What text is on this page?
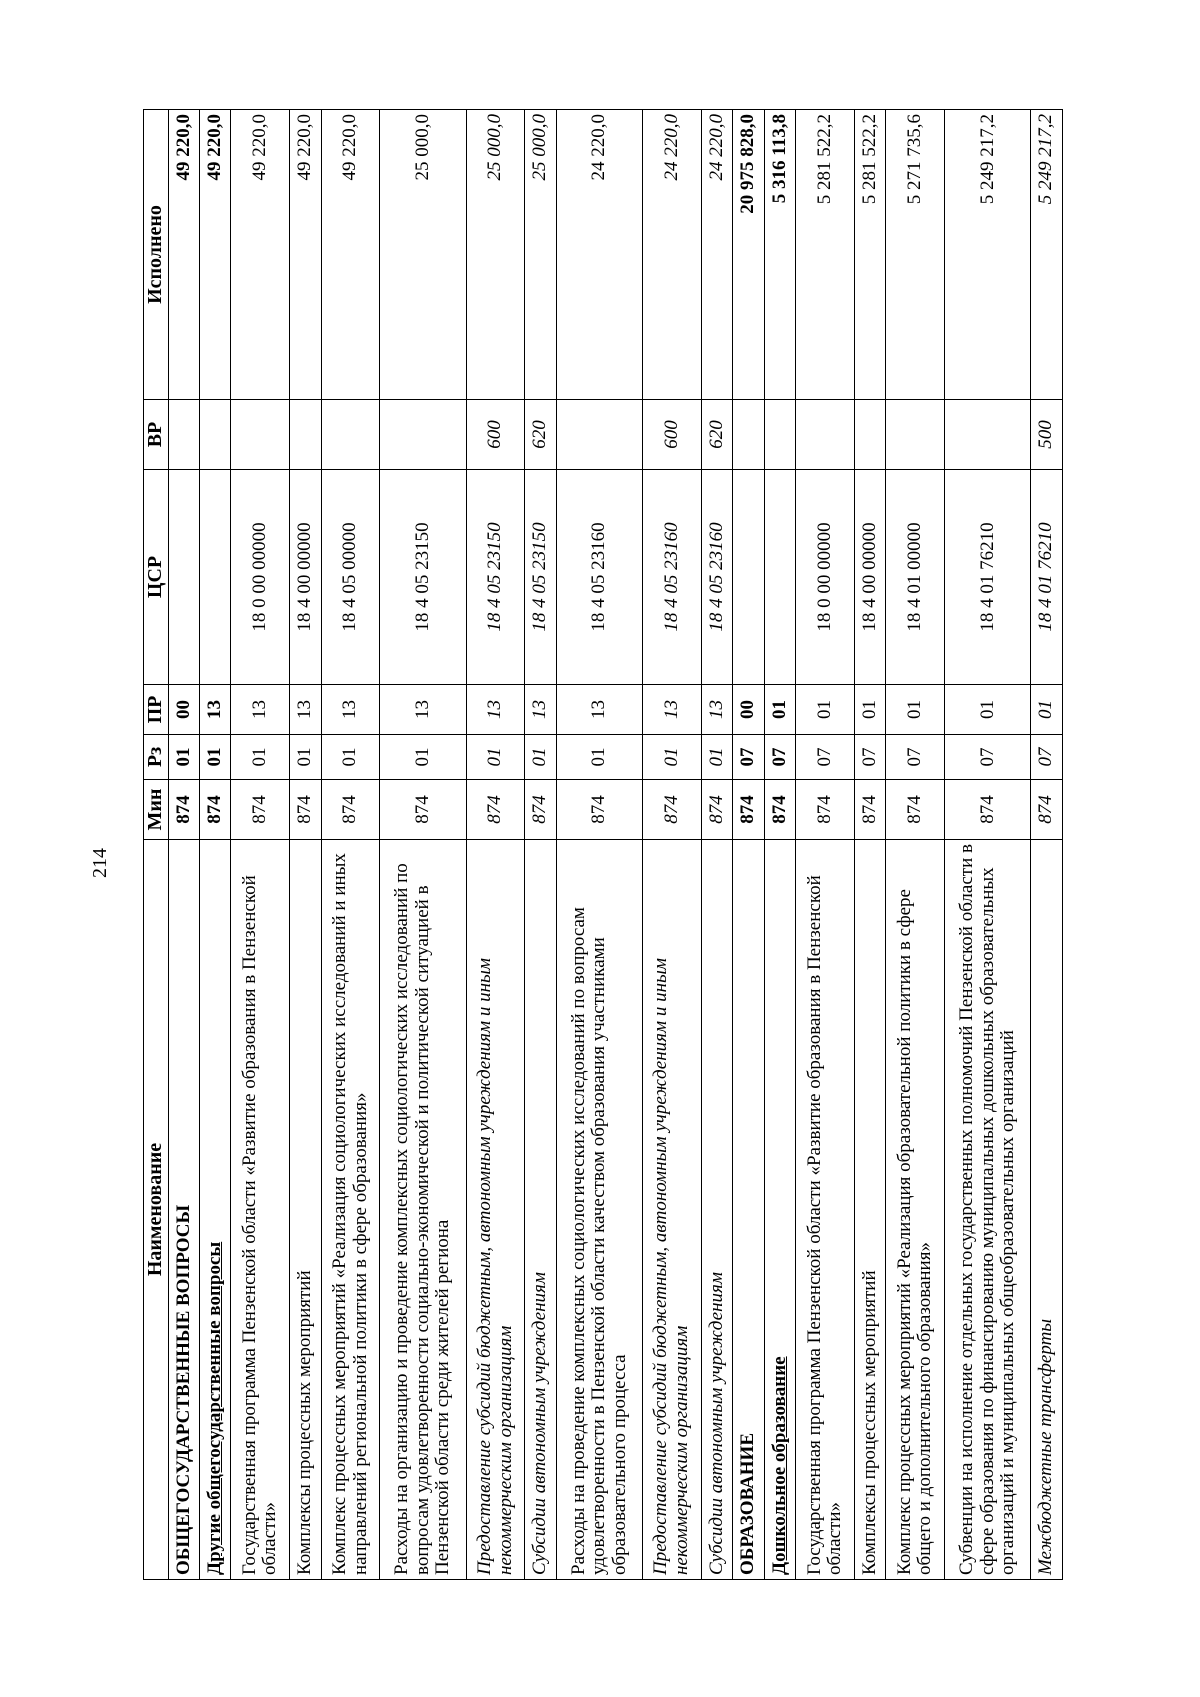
214
Наименование	Мин	Рз	ПР	ЦСР	ВР	Исполнено
ОБЩЕГОСУДАРСТВЕННЫЕ ВОПРОСЫ	874	01	00			49 220,0
Другие общегосударственные вопросы	874	01	13			49 220,0
Государственная программа Пензенской области «Развитие образования в Пензенской области»	874	01	13	18 0 00 00000		49 220,0
Комплексы процессных мероприятий	874	01	13	18 4 00 00000		49 220,0
Комплекс процессных мероприятий «Реализация социологических исследований и иных направлений региональной политики в сфере образования»	874	01	13	18 4 05 00000		49 220,0
Расходы на организацию и проведение комплексных социологических исследований по вопросам удовлетворенности социально-экономической и политической ситуацией в Пензенской области среди жителей региона	874	01	13	18 4 05 23150		25 000,0
Предоставление субсидий бюджетным, автономным учреждениям и иным некоммерческим организациям	874	01	13	18 4 05 23150	600	25 000,0
Субсидии автономным учреждениям	874	01	13	18 4 05 23150	620	25 000,0
Расходы на проведение комплексных социологических исследований по вопросам удовлетворенности в Пензенской области качеством образования участниками образовательного процесса	874	01	13	18 4 05 23160		24 220,0
Предоставление субсидий бюджетным, автономным учреждениям и иным некоммерческим организациям	874	01	13	18 4 05 23160	600	24 220,0
Субсидии автономным учреждениям	874	01	13	18 4 05 23160	620	24 220,0
ОБРАЗОВАНИЕ	874	07	00			20 975 828,0
Дошкольное образование	874	07	01			5 316 113,8
Государственная программа Пензенской области «Развитие образования в Пензенской области»	874	07	01	18 0 00 00000		5 281 522,2
Комплексы процессных мероприятий	874	07	01	18 4 00 00000		5 281 522,2
Комплекс процессных мероприятий «Реализация образовательной политики в сфере общего и дополнительного образования»	874	07	01	18 4 01 00000		5 271 735,6
Субвенции на исполнение отдельных государственных полномочий Пензенской области в сфере образования по финансированию муниципальных дошкольных образовательных организаций и муниципальных общеобразовательных организаций	874	07	01	18 4 01 76210		5 249 217,2
Межбюджетные трансферты	874	07	01	18 4 01 76210	500	5 249 217,2
